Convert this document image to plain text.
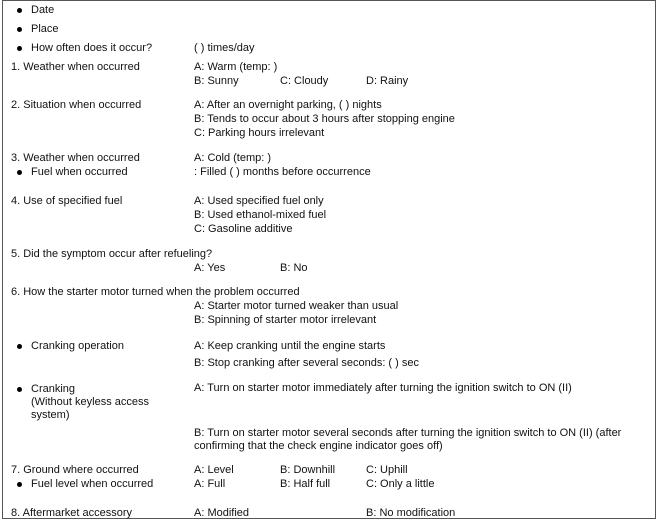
Date
Place
How often does it occur?	( ) times/day
1. Weather when occurred	A: Warm (temp: )
B: Sunny	C: Cloudy	D: Rainy
2. Situation when occurred	A: After an overnight parking, ( ) nights
B: Tends to occur about 3 hours after stopping engine
C: Parking hours irrelevant
3. Weather when occurred	A: Cold (temp: )
Fuel when occurred	: Filled ( ) months before occurrence
4. Use of specified fuel	A: Used specified fuel only
B: Used ethanol-mixed fuel
C: Gasoline additive
5. Did the symptom occur after refueling?
A: Yes	B: No
6. How the starter motor turned when the problem occurred
A: Starter motor turned weaker than usual
B: Spinning of starter motor irrelevant
Cranking operation	A: Keep cranking until the engine starts
B: Stop cranking after several seconds: ( ) sec
Cranking
(Without keyless access system)
A: Turn on starter motor immediately after turning the ignition switch to ON (II)
B: Turn on starter motor several seconds after turning the ignition switch to ON (II) (after confirming that the check engine indicator goes off)
7. Ground where occurred	A: Level	B: Downhill	C: Uphill
Fuel level when occurred	A: Full	B: Half full	C: Only a little
8. Aftermarket accessory	A: Modified	B: No modification
